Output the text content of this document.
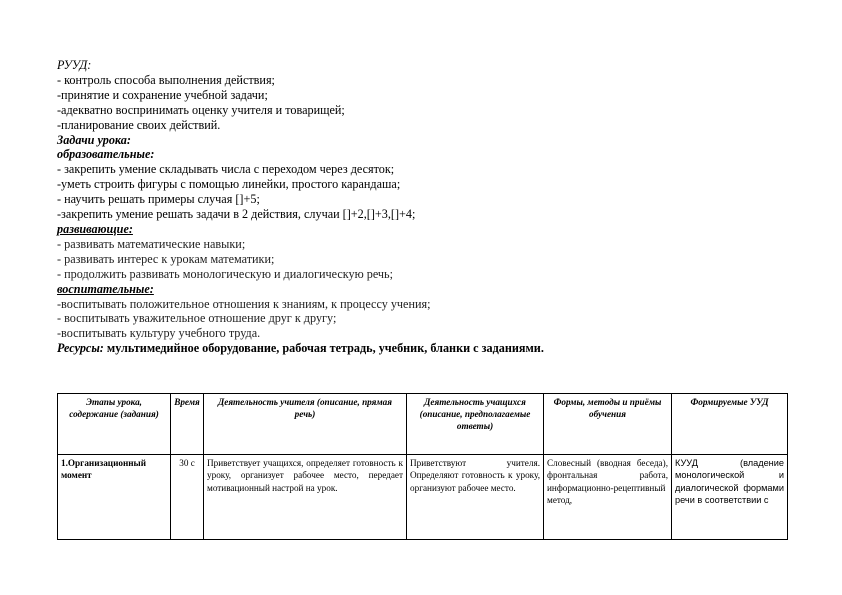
РУУД:
- контроль способа выполнения действия;
-принятие и сохранение учебной задачи;
-адекватно воспринимать оценку учителя и товарищей;
-планирование своих действий.
Задачи урока:
образовательные:
- закрепить умение складывать числа с переходом через десяток;
-уметь строить фигуры с помощью линейки, простого карандаша;
- научить решать примеры случая []+5;
-закрепить умение решать задачи в 2 действия, случаи []+2,[]+3,[]+4;
развивающие:
- развивать математические навыки;
- развивать интерес к урокам математики;
- продолжить развивать монологическую и диалогическую речь;
воспитательные:
-воспитывать положительное отношения к знаниям, к процессу учения;
- воспитывать уважительное отношение друг к другу;
-воспитывать культуру учебного труда.
Ресурсы: мультимедийное оборудование, рабочая тетрадь, учебник, бланки с заданиями.
Этапы урока, содержание (задания)	Время	Деятельность учителя (описание, прямая речь)	Деятельность учащихся (описание, предполагаемые ответы)	Формы, методы и приёмы обучения	Формируемые УУД
1.Организационный момент	30 с	Приветствует учащихся, определяет готовность к уроку, организует рабочее место, передает мотивационный настрой на урок.	Приветствуют учителя. Определяют готовность к уроку, организуют рабочее место.	Словесный (вводная беседа), фронтальная работа, информационно-рецептивный метод,	КУУД (владение монологической и диалогической формами речи в соответствии с
